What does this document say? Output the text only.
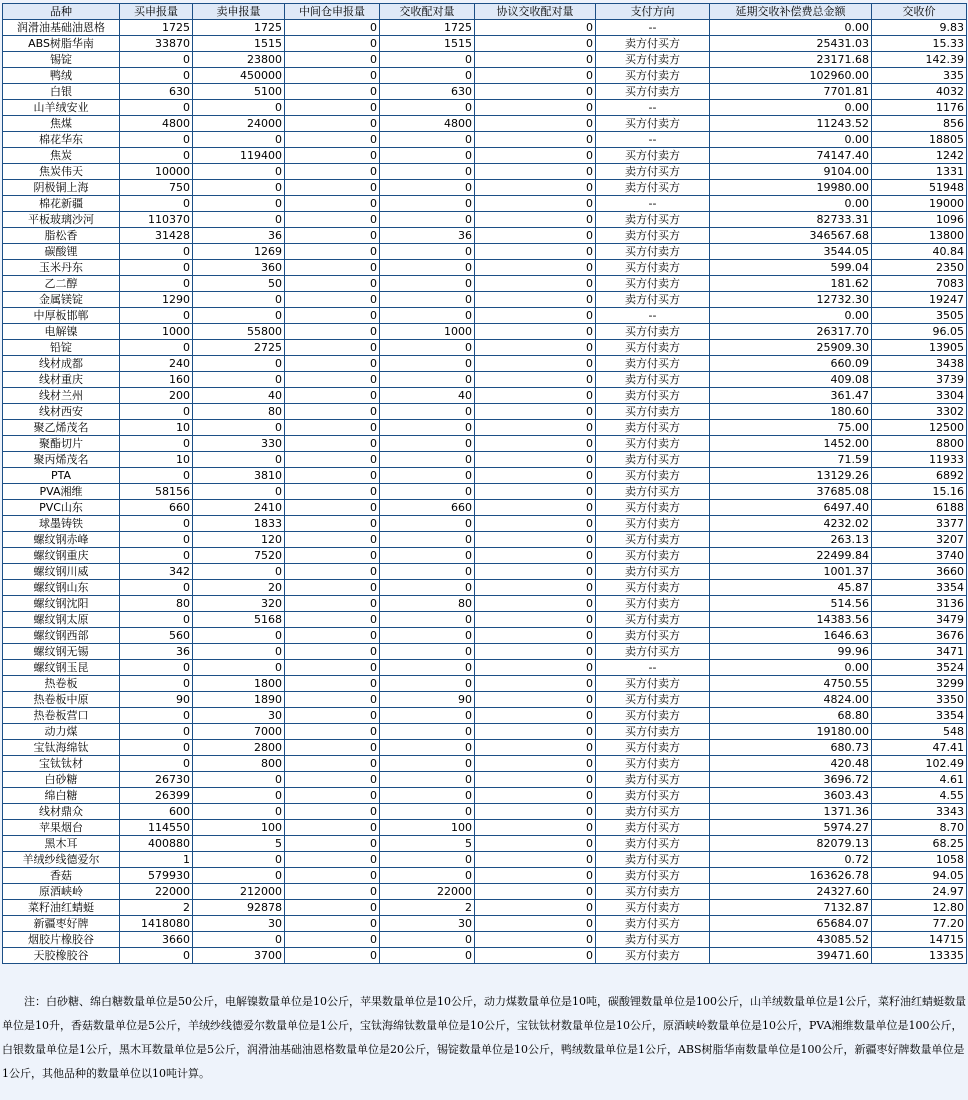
品种	买申报量	卖申报量	中间仓申报量	交收配对量	协议交收配对量	支付方向	延期交收补偿费总金额	交收价
润滑油基础油恩格	1725	1725	0	1725	0	--	0.00	9.83
ABS树脂华南	33870	1515	0	1515	0	卖方付买方	25431.03	15.33
锡锭	0	23800	0	0	0	买方付卖方	23171.68	142.39
鸭绒	0	450000	0	0	0	买方付卖方	102960.00	335
白银	630	5100	0	630	0	买方付卖方	7701.81	4032
山羊绒安业	0	0	0	0	0	--	0.00	1176
焦煤	4800	24000	0	4800	0	买方付卖方	11243.52	856
棉花华东	0	0	0	0	0	--	0.00	18805
焦炭	0	119400	0	0	0	买方付卖方	74147.40	1242
焦炭伟天	10000	0	0	0	0	卖方付买方	9104.00	1331
阴极铜上海	750	0	0	0	0	卖方付买方	19980.00	51948
棉花新疆	0	0	0	0	0	--	0.00	19000
平板玻璃沙河	110370	0	0	0	0	卖方付买方	82733.31	1096
脂松香	31428	36	0	36	0	卖方付买方	346567.68	13800
碳酸锂	0	1269	0	0	0	买方付卖方	3544.05	40.84
玉米丹东	0	360	0	0	0	买方付卖方	599.04	2350
乙二醇	0	50	0	0	0	买方付卖方	181.62	7083
金属镁锭	1290	0	0	0	0	卖方付买方	12732.30	19247
中厚板邯郸	0	0	0	0	0	--	0.00	3505
电解镍	1000	55800	0	1000	0	买方付卖方	26317.70	96.05
铅锭	0	2725	0	0	0	买方付卖方	25909.30	13905
线材成都	240	0	0	0	0	卖方付买方	660.09	3438
线材重庆	160	0	0	0	0	卖方付买方	409.08	3739
线材兰州	200	40	0	40	0	卖方付买方	361.47	3304
线材西安	0	80	0	0	0	买方付卖方	180.60	3302
聚乙烯茂名	10	0	0	0	0	卖方付买方	75.00	12500
聚酯切片	0	330	0	0	0	买方付卖方	1452.00	8800
聚丙烯茂名	10	0	0	0	0	卖方付买方	71.59	11933
PTA	0	3810	0	0	0	买方付卖方	13129.26	6892
PVA湘维	58156	0	0	0	0	卖方付买方	37685.08	15.16
PVC山东	660	2410	0	660	0	买方付卖方	6497.40	6188
球墨铸铁	0	1833	0	0	0	买方付卖方	4232.02	3377
螺纹钢赤峰	0	120	0	0	0	买方付卖方	263.13	3207
螺纹钢重庆	0	7520	0	0	0	买方付卖方	22499.84	3740
螺纹钢川威	342	0	0	0	0	卖方付买方	1001.37	3660
螺纹钢山东	0	20	0	0	0	买方付卖方	45.87	3354
螺纹钢沈阳	80	320	0	80	0	买方付卖方	514.56	3136
螺纹钢太原	0	5168	0	0	0	买方付卖方	14383.56	3479
螺纹钢西部	560	0	0	0	0	卖方付买方	1646.63	3676
螺纹钢无锡	36	0	0	0	0	卖方付买方	99.96	3471
螺纹钢玉昆	0	0	0	0	0	--	0.00	3524
热卷板	0	1800	0	0	0	买方付卖方	4750.55	3299
热卷板中原	90	1890	0	90	0	买方付卖方	4824.00	3350
热卷板营口	0	30	0	0	0	买方付卖方	68.80	3354
动力煤	0	7000	0	0	0	买方付卖方	19180.00	548
宝钛海绵钛	0	2800	0	0	0	买方付卖方	680.73	47.41
宝钛钛材	0	800	0	0	0	买方付卖方	420.48	102.49
白砂糖	26730	0	0	0	0	卖方付买方	3696.72	4.61
绵白糖	26399	0	0	0	0	卖方付买方	3603.43	4.55
线材鼎众	600	0	0	0	0	卖方付买方	1371.36	3343
苹果烟台	114550	100	0	100	0	卖方付买方	5974.27	8.70
黑木耳	400880	5	0	5	0	卖方付买方	82079.13	68.25
羊绒纱线德爱尔	1	0	0	0	0	卖方付买方	0.72	1058
香菇	579930	0	0	0	0	卖方付买方	163626.78	94.05
原酒峡岭	22000	212000	0	22000	0	买方付卖方	24327.60	24.97
菜籽油红蜻蜓	2	92878	0	2	0	买方付卖方	7132.87	12.80
新疆枣好牌	1418080	30	0	30	0	卖方付买方	65684.07	77.20
烟胶片橡胶谷	3660	0	0	0	0	卖方付买方	43085.52	14715
天胶橡胶谷	0	3700	0	0	0	买方付卖方	39471.60	13335
注：白砂糖、绵白糖数量单位是50公斤，电解镍数量单位是10公斤，苹果数量单位是10公斤，动力煤数量单位是10吨，碳酸锂数量单位是100公斤，山羊绒数量单位是1公斤，菜籽油红蜻蜓数量单位是10升，香菇数量单位是5公斤，羊绒纱线德爱尔数量单位是1公斤，宝钛海绵钛数量单位是10公斤，宝钛钛材数量单位是10公斤，原酒峡岭数量单位是10公斤，PVA湘维数量单位是100公斤，白银数量单位是1公斤，黑木耳数量单位是5公斤，润滑油基础油恩格数量单位是20公斤，锡锭数量单位是10公斤，鸭绒数量单位是1公斤，ABS树脂华南数量单位是100公斤，新疆枣好牌数量单位是1公斤，其他品种的数量单位以10吨计算。
